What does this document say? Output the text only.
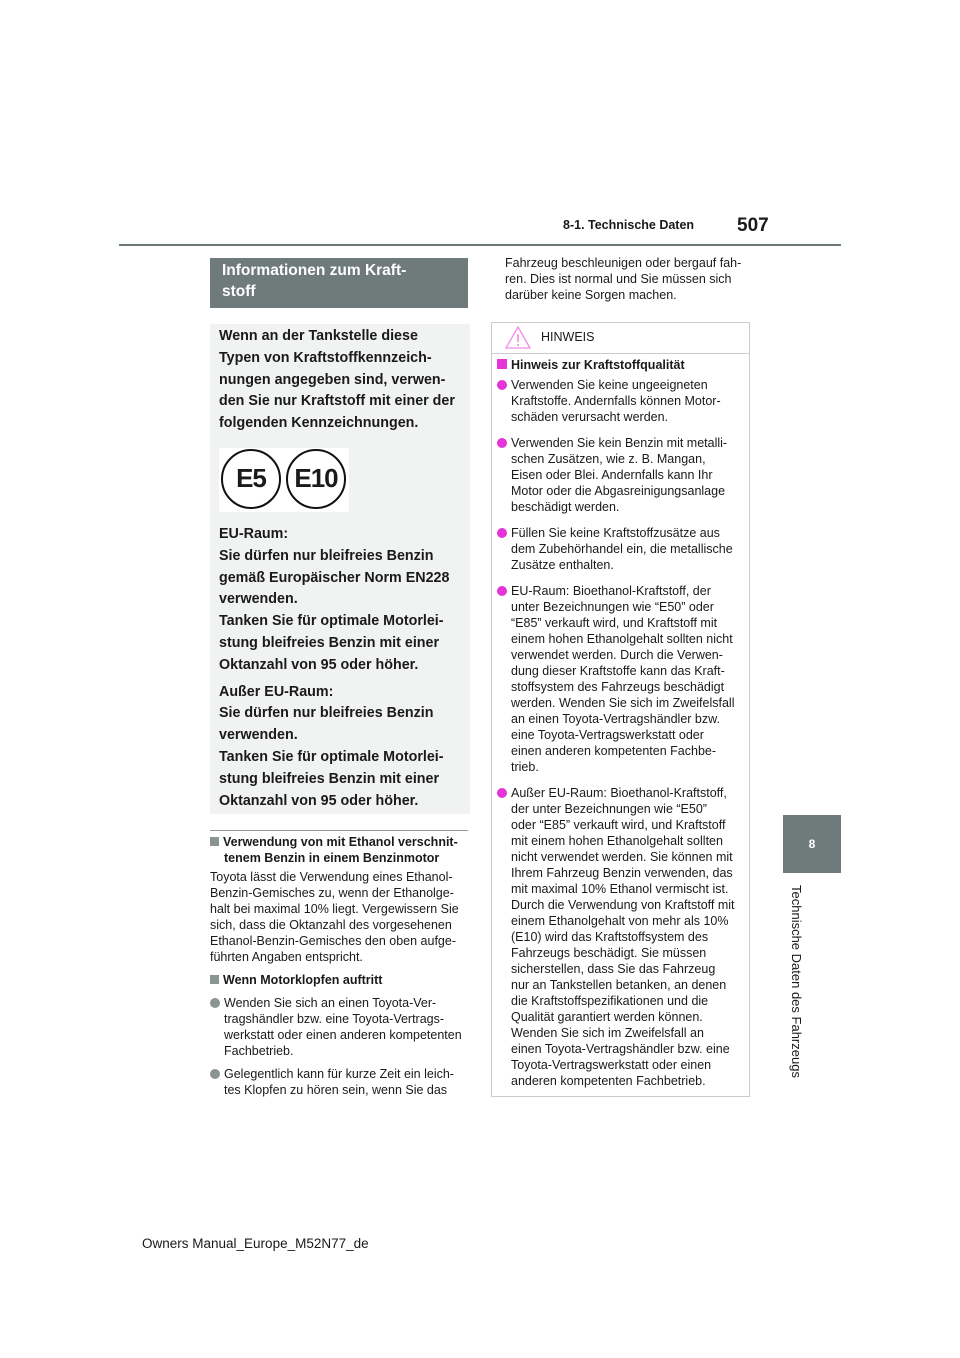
8-1. Technische Daten 507
Informationen zum Kraft-
stoff
Wenn an der Tankstelle diese
Typen von Kraftstoffkennzeich-
nungen angegeben sind, verwen-
den Sie nur Kraftstoff mit einer der
folgenden Kennzeichnungen.
E5	E10
EU-Raum:
Sie dürfen nur bleifreies Benzin
gemäß Europäischer Norm EN228
verwenden.
Tanken Sie für optimale Motorlei-
stung bleifreies Benzin mit einer
Oktanzahl von 95 oder höher.
Außer EU-Raum:
Sie dürfen nur bleifreies Benzin
verwenden.
Tanken Sie für optimale Motorlei-
stung bleifreies Benzin mit einer
Oktanzahl von 95 oder höher.
Verwendung von mit Ethanol verschnit-
tenem Benzin in einem Benzinmotor
Toyota lässt die Verwendung eines Ethanol-
Benzin-Gemisches zu, wenn der Ethanolge-
halt bei maximal 10% liegt. Vergewissern Sie
sich, dass die Oktanzahl des vorgesehenen
Ethanol-Benzin-Gemisches den oben aufge-
führten Angaben entspricht.
Wenn Motorklopfen auftritt
Wenden Sie sich an einen Toyota-Ver-
tragshändler bzw. eine Toyota-Vertrags-
werkstatt oder einen anderen kompetenten
Fachbetrieb.
Gelegentlich kann für kurze Zeit ein leich-
tes Klopfen zu hören sein, wenn Sie das
Fahrzeug beschleunigen oder bergauf fah-
ren. Dies ist normal und Sie müssen sich
darüber keine Sorgen machen.
HINWEIS
Hinweis zur Kraftstoffqualität
Verwenden Sie keine ungeeigneten
Kraftstoffe. Andernfalls können Motor-
schäden verursacht werden.
Verwenden Sie kein Benzin mit metalli-
schen Zusätzen, wie z. B. Mangan,
Eisen oder Blei. Andernfalls kann Ihr
Motor oder die Abgasreinigungsanlage
beschädigt werden.
Füllen Sie keine Kraftstoffzusätze aus
dem Zubehörhandel ein, die metallische
Zusätze enthalten.
EU-Raum: Bioethanol-Kraftstoff, der
unter Bezeichnungen wie “E50” oder
“E85” verkauft wird, und Kraftstoff mit
einem hohen Ethanolgehalt sollten nicht
verwendet werden. Durch die Verwen-
dung dieser Kraftstoffe kann das Kraft-
stoffsystem des Fahrzeugs beschädigt
werden. Wenden Sie sich im Zweifelsfall
an einen Toyota-Vertragshändler bzw.
eine Toyota-Vertragswerkstatt oder
einen anderen kompetenten Fachbe-
trieb.
Außer EU-Raum: Bioethanol-Kraftstoff,
der unter Bezeichnungen wie “E50”
oder “E85” verkauft wird, und Kraftstoff
mit einem hohen Ethanolgehalt sollten
nicht verwendet werden. Sie können mit
Ihrem Fahrzeug Benzin verwenden, das
mit maximal 10% Ethanol vermischt ist.
Durch die Verwendung von Kraftstoff mit
einem Ethanolgehalt von mehr als 10%
(E10) wird das Kraftstoffsystem des
Fahrzeugs beschädigt. Sie müssen
sicherstellen, dass Sie das Fahrzeug
nur an Tankstellen betanken, an denen
die Kraftstoffspezifikationen und die
Qualität garantiert werden können.
Wenden Sie sich im Zweifelsfall an
einen Toyota-Vertragshändler bzw. eine
Toyota-Vertragswerkstatt oder einen
anderen kompetenten Fachbetrieb.
8
Technische Daten des Fahrzeugs
Owners Manual_Europe_M52N77_de
